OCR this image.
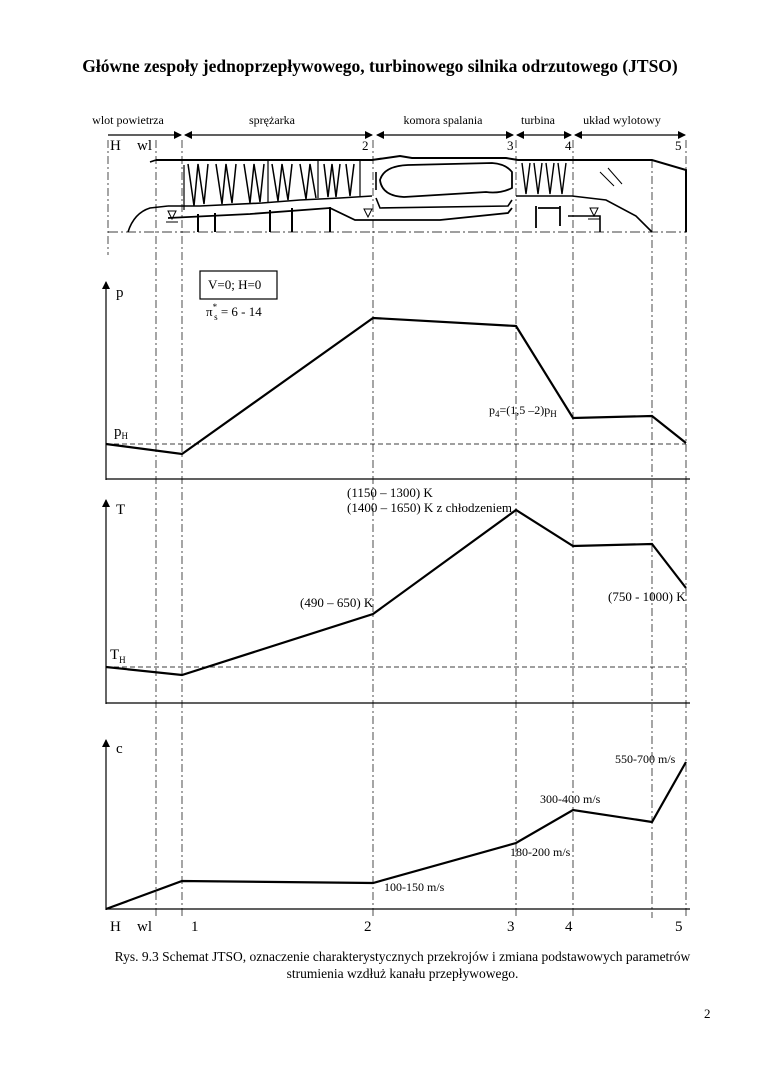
Główne zespoły jednoprzepływowego, turbinowego silnika odrzutowego (JTSO)
wlot powietrza	sprężarka	komora spalania	turbina układ wylotowy
H wl	2	3	4	5
p
$p_H$
V=0; H=0
π* s = 6 - 14
$p_4=(1,5$ $-2)p_H$
T
$T_H$
(1150 – 1300) K
(1400 – 1650) K z chłodzeniem
(490 – 650) K	(750 - 1000) K
c
100-150 m/s
180-200 m/s
300-400 m/s
550-700 m/s
H wl	1	2	3	4	5
Rys. 9.3 Schemat JTSO, oznaczenie charakterystycznych przekrojów i zmiana podstawowych parametrów
strumienia wzdłuż kanału przepływowego.
2
